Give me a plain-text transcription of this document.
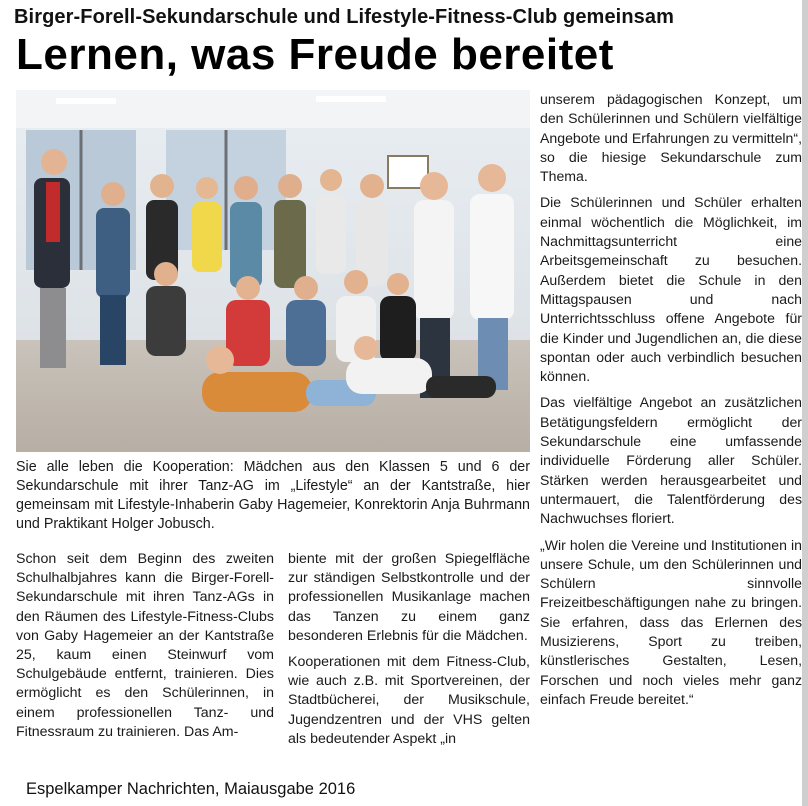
Birger-Forell-Sekundarschule und Lifestyle-Fitness-Club gemeinsam
Lernen, was Freude bereitet

Sie alle leben die Kooperation: Mädchen aus den Klassen 5 und 6 der Sekundarschule mit ihrer Tanz-AG im „Lifestyle“ an der Kantstraße, hier gemeinsam mit Lifestyle-Inhaberin Gaby Hagemeier, Konrektorin Anja Buhrmann und Praktikant Holger Jobusch.

Schon seit dem Beginn des zweiten Schulhalbjahres kann die Birger-Forell-Sekundarschule mit ihren Tanz-AGs in den Räumen des Lifestyle-Fitness-Clubs von Gaby Hagemeier an der Kantstraße 25, kaum einen Steinwurf vom Schulgebäude entfernt, trainieren. Dies ermöglicht es den Schülerinnen, in einem professionellen Tanz- und Fitnessraum zu trainieren. Das Am-

biente mit der großen Spiegelfläche zur ständigen Selbstkontrolle und der professionellen Musikanlage machen das Tanzen zu einem ganz besonderen Erlebnis für die Mädchen.

Kooperationen mit dem Fitness-Club, wie auch z.B. mit Sportvereinen, der Stadtbücherei, der Musikschule, Jugendzentren und der VHS gelten als bedeutender Aspekt „in

unserem pädagogischen Konzept, um den Schülerinnen und Schülern vielfältige Angebote und Erfahrungen zu vermitteln“, so die hiesige Sekundarschule zum Thema.

Die Schülerinnen und Schüler erhalten einmal wöchentlich die Möglichkeit, im Nachmittagsunterricht eine Arbeitsgemeinschaft zu besuchen. Außerdem bietet die Schule in den Mittagspausen und nach Unterrichtsschluss offene Angebote für die Kinder und Jugendlichen an, die diese spontan oder auch verbindlich besuchen können.

Das vielfältige Angebot an zusätzlichen Betätigungsfeldern ermöglicht der Sekundarschule eine umfassende individuelle Förderung aller Schüler. Stärken werden herausgearbeitet und untermauert, die Talentförderung des Nachwuchses floriert.

„Wir holen die Vereine und Institutionen in unsere Schule, um den Schülerinnen und Schülern sinnvolle Freizeitbeschäftigungen nahe zu bringen. Sie erfahren, dass das Erlernen des Musizierens, Sport zu treiben, künstlerisches Gestalten, Lesen, Forschen und noch vieles mehr ganz einfach Freude bereitet.“

Espelkamper Nachrichten, Maiausgabe 2016
